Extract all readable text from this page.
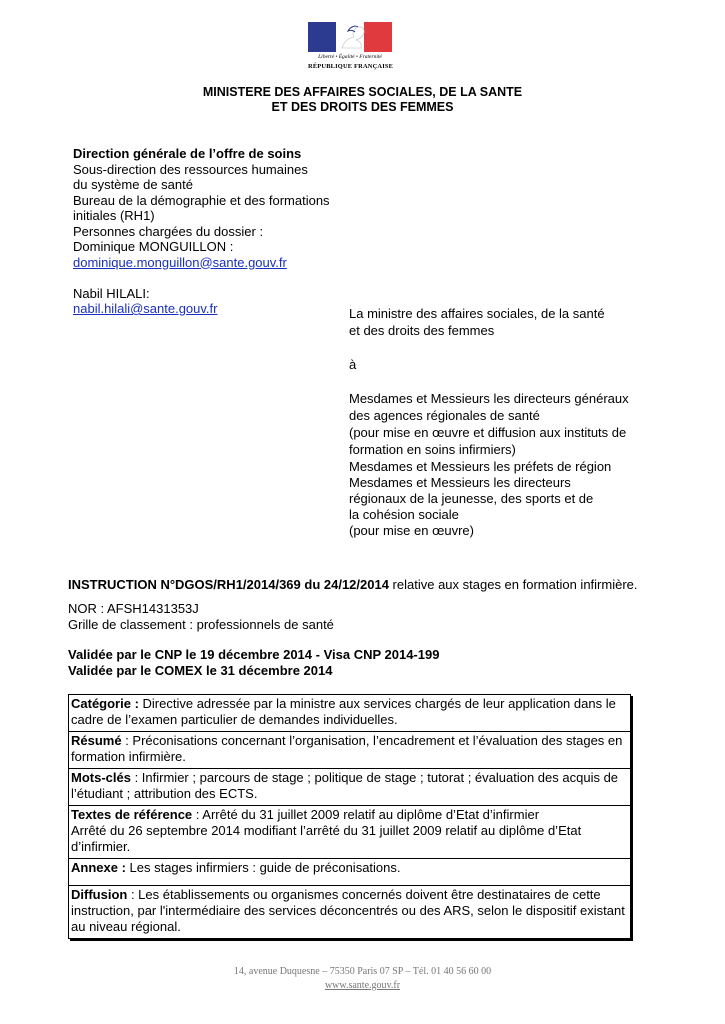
Liberté • Égalité • Fraternité
RÉPUBLIQUE FRANÇAISE
MINISTERE DES AFFAIRES SOCIALES, DE LA SANTE
ET DES DROITS DES FEMMES
Direction générale de l’offre de soins
Sous-direction des ressources humaines
du système de santé
Bureau de la démographie et des formations
initiales (RH1)
Personnes chargées du dossier :
Dominique MONGUILLON :
dominique.monguillon@sante.gouv.fr
Nabil HILALI:
nabil.hilali@sante.gouv.fr	La ministre des affaires sociales, de la santé
et des droits des femmes
à
Mesdames et Messieurs les directeurs généraux
des agences régionales de santé
(pour mise en œuvre et diffusion aux instituts de
formation en soins infirmiers)
Mesdames et Messieurs les préfets de région
Mesdames et Messieurs les directeurs
régionaux de la jeunesse, des sports et de
la cohésion sociale
(pour mise en œuvre)
INSTRUCTION N°DGOS/RH1/2014/369 du 24/12/2014 relative aux stages en formation infirmière.
NOR : AFSH1431353J
Grille de classement : professionnels de santé
Validée par le CNP le 19 décembre 2014 - Visa CNP 2014-199
Validée par le COMEX le 31 décembre 2014
Catégorie : Directive adressée par la ministre aux services chargés de leur application dans le cadre de l’examen particulier de demandes individuelles.
Résumé : Préconisations concernant l’organisation, l’encadrement et l’évaluation des stages en formation infirmière.
Mots-clés : Infirmier ; parcours de stage ; politique de stage ; tutorat ; évaluation des acquis de l’étudiant ; attribution des ECTS.
Textes de référence : Arrêté du 31 juillet 2009 relatif au diplôme d’Etat d’infirmier
Arrêté du 26 septembre 2014 modifiant l’arrêté du 31 juillet 2009 relatif au diplôme d’Etat d’infirmier.
Annexe : Les stages infirmiers : guide de préconisations.
Diffusion : Les établissements ou organismes concernés doivent être destinataires de cette instruction, par l'intermédiaire des services déconcentrés ou des ARS, selon le dispositif existant au niveau régional.
14, avenue Duquesne – 75350 Paris 07 SP – Tél. 01 40 56 60 00
www.sante.gouv.fr
